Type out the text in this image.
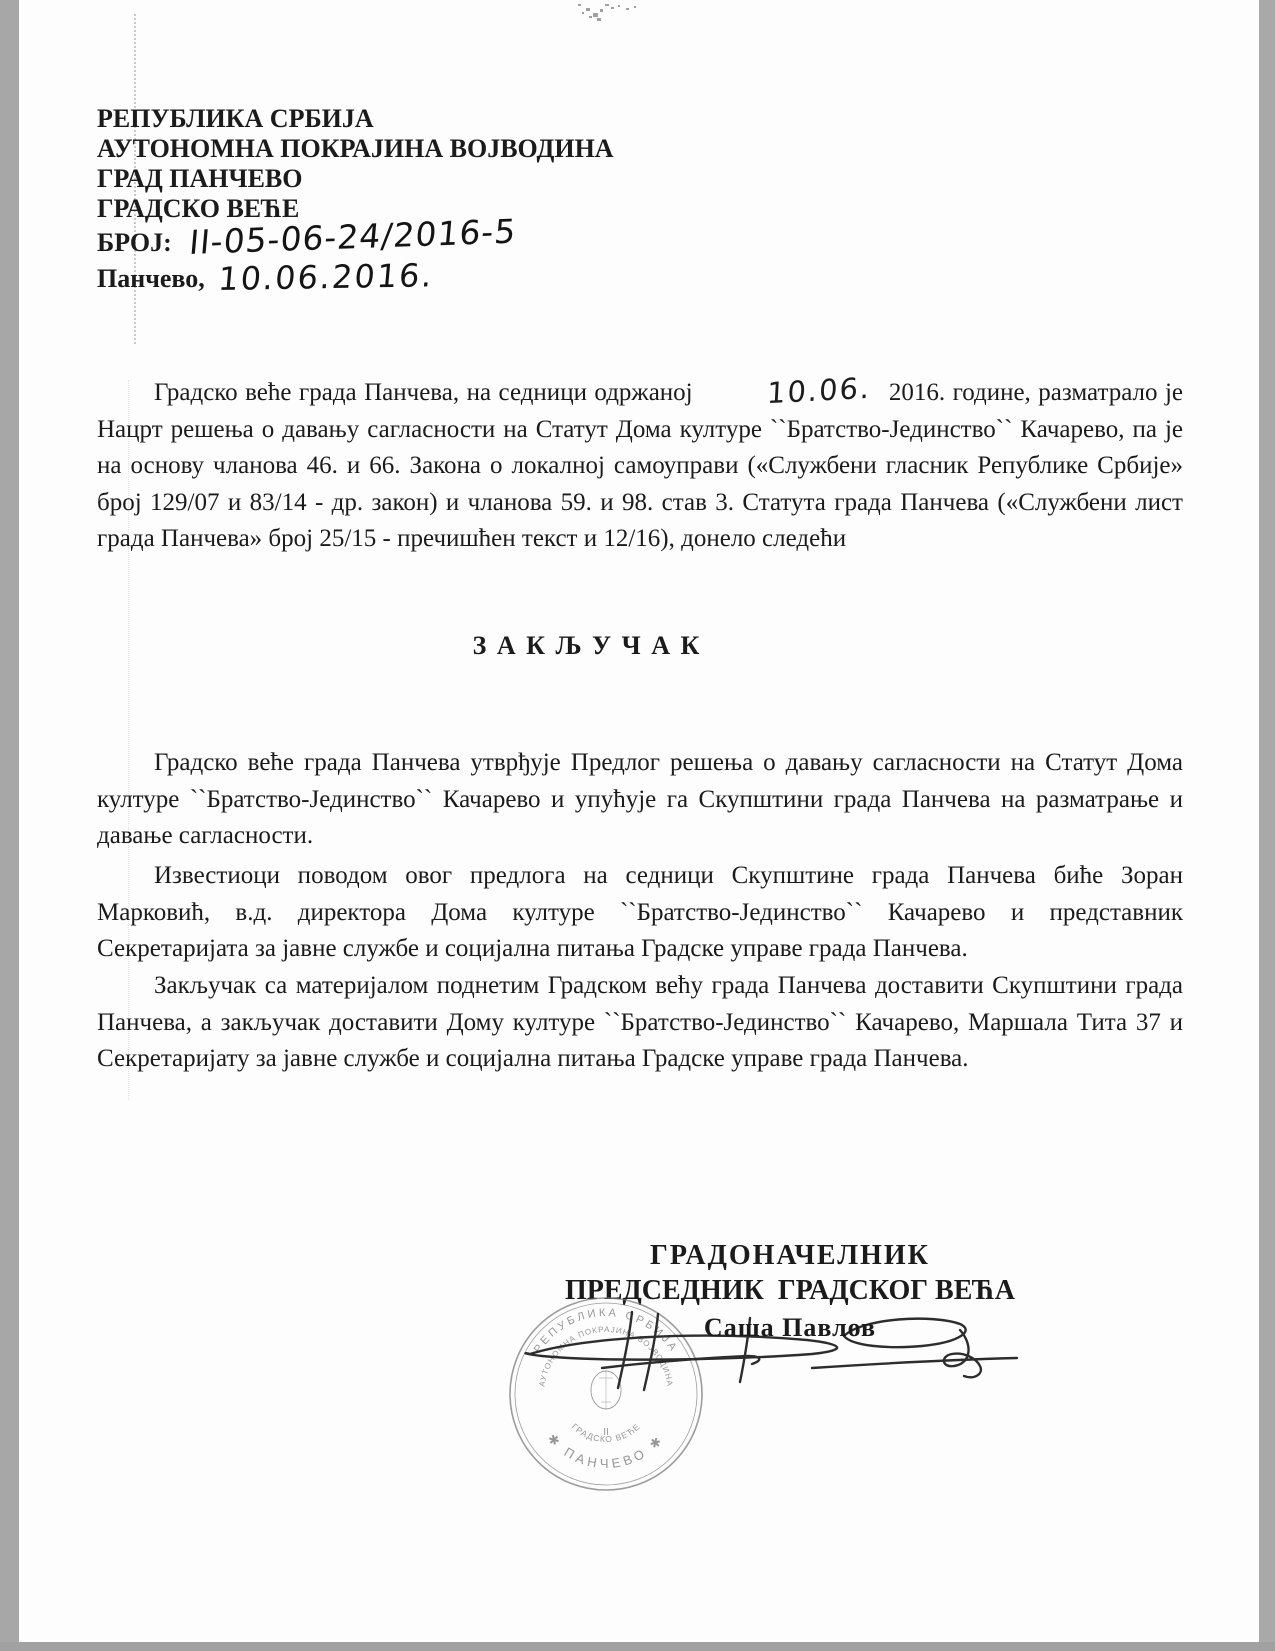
РЕПУБЛИКА СРБИЈА
АУТОНОМНА ПОКРАЈИНА ВОЈВОДИНА
ГРАД ПАНЧЕВО
ГРАДСКО ВЕЋЕ
БРОЈ: II-05-06-24/2016-5
Панчево, 10.06.2016.
Градско веће града Панчева, на седници одржаној	10.06. 2016. године, разматрало је Нацрт решења о давању сагласности на Статут Дома културе ``Братство-Јединство`` Качарево, па је на основу чланова 46. и 66. Закона о локалној самоуправи («Службени гласник Републике Србије» број 129/07 и 83/14 - др. закон) и чланова 59. и 98. став 3. Статута града Панчева («Службени лист града Панчева» број 25/15 - пречишћен текст и 12/16), донело следећи
З А К Љ У Ч А К
Градско веће града Панчева утврђује Предлог решења о давању сагласности на Статут Дома културе ``Братство-Јединство`` Качарево и упућује га Скупштини града Панчева на разматрање и давање сагласности.
Известиоци поводом овог предлога на седници Скупштине града Панчева биће Зоран Марковић, в.д. директора Дома културе ``Братство-Јединство`` Качарево и представник Секретаријата за јавне службе и социјална питања Градске управе града Панчева.
Закључак са материјалом поднетим Градском већу града Панчева доставити Скупштини града Панчева, а закључак доставити Дому културе ``Братство-Јединство`` Качарево, Маршала Тита 37 и Секретаријату за јавне службе и социјална питања Градске управе града Панчева.
ГРАДОНАЧЕЛНИК
ПРЕДСЕДНИК  ГРАДСКОГ ВЕЋА
Саша Павлов
РЕПУБЛИКА СРБИЈА
АУТОНОМНА ПОКРАЈИНА ВОЈВОДИНА
ГРАДСКО ВЕЋЕ
✱ ПАНЧЕВО ✱
II
